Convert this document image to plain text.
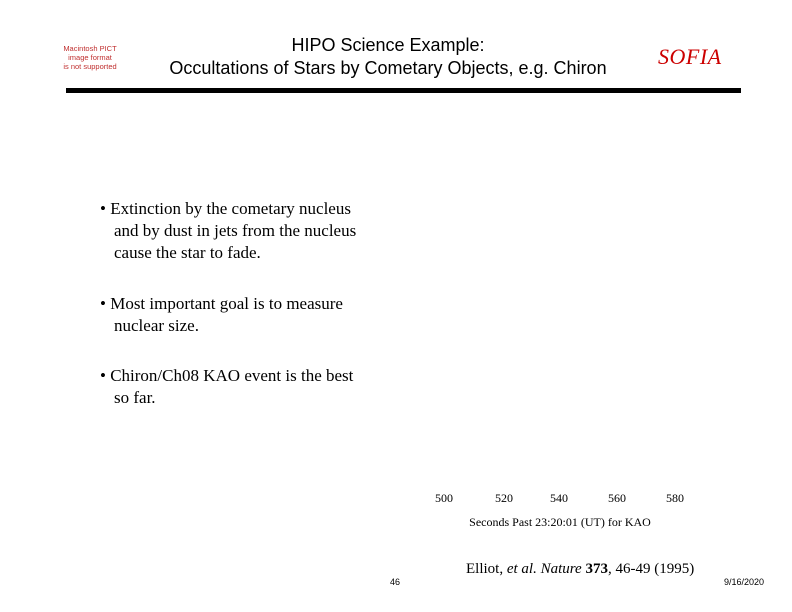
Macintosh PICT
image format
is not supported
HIPO Science Example:
Occultations of Stars by Cometary Objects, e.g. Chiron	SOFIA
• Extinction by the cometary nucleus
and by dust in jets from the nucleus
cause the star to fade.
• Most important goal is to measure
nuclear size.
• Chiron/Ch08 KAO event is the best
so far.
500	520	540	560	580
Seconds Past 23:20:01 (UT) for KAO
46
Elliot, et al. Nature 373, 46-49 (1995)
9/16/2020
